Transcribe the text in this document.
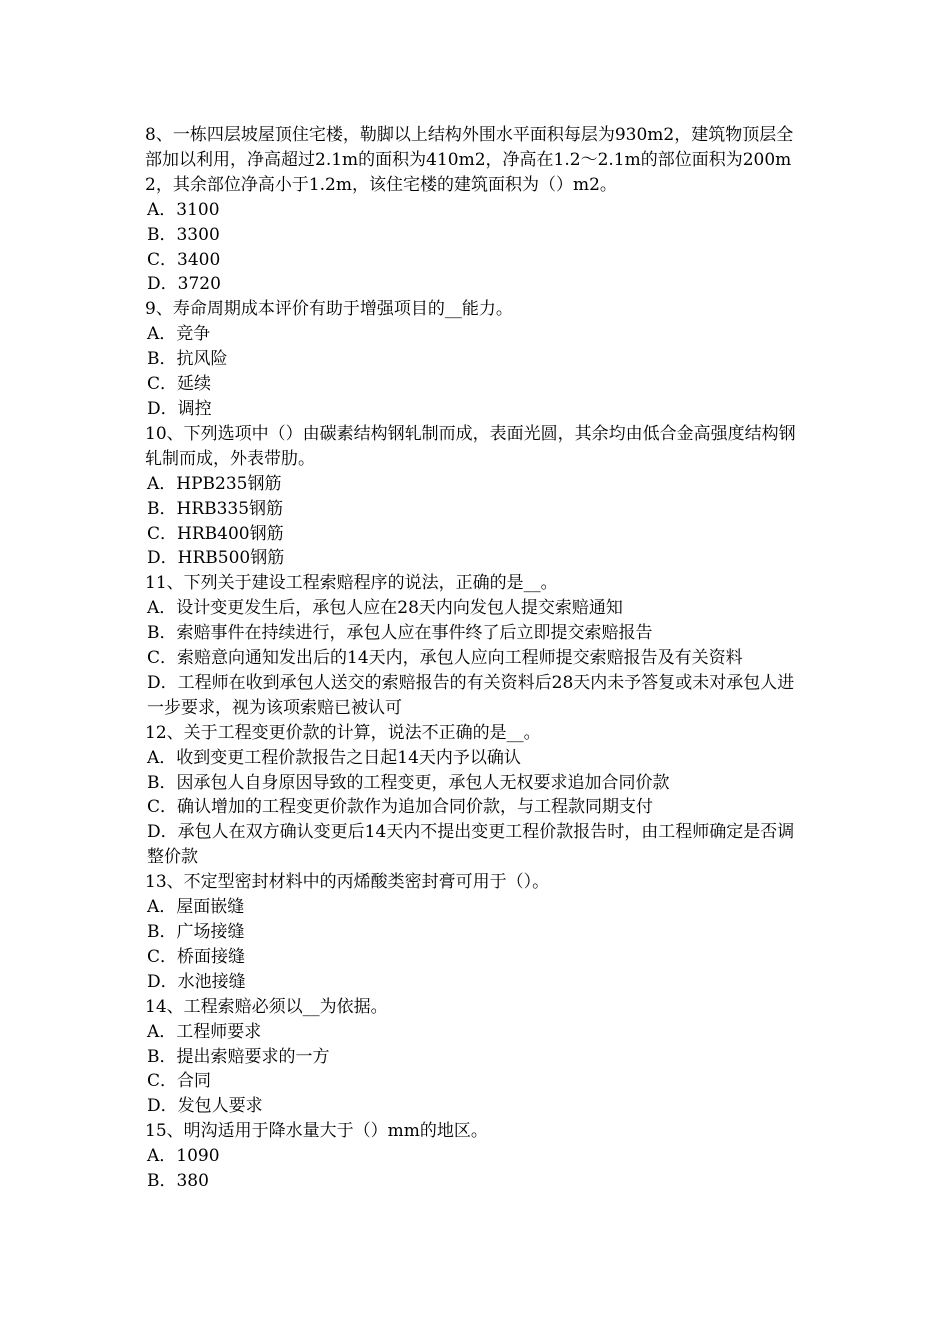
8、一栋四层坡屋顶住宅楼，勒脚以上结构外围水平面积每层为930m2，建筑物顶层全部加以利用，净高超过2.1m的面积为410m2，净高在1.2～2.1m的部位面积为200m2，其余部位净高小于1.2m，该住宅楼的建筑面积为（）m2。

A．3100

B．3300

C．3400

D．3720

9、寿命周期成本评价有助于增强项目的__能力。

A．竞争

B．抗风险

C．延续

D．调控

10、下列选项中（）由碳素结构钢轧制而成，表面光圆，其余均由低合金高强度结构钢轧制而成，外表带肋。

A．HPB235钢筋

B．HRB335钢筋

C．HRB400钢筋

D．HRB500钢筋

11、下列关于建设工程索赔程序的说法，正确的是__。

A．设计变更发生后，承包人应在28天内向发包人提交索赔通知

B．索赔事件在持续进行，承包人应在事件终了后立即提交索赔报告

C．索赔意向通知发出后的14天内，承包人应向工程师提交索赔报告及有关资料

D．工程师在收到承包人送交的索赔报告的有关资料后28天内未予答复或未对承包人进一步要求，视为该项索赔已被认可

12、关于工程变更价款的计算，说法不正确的是__。

A．收到变更工程价款报告之日起14天内予以确认

B．因承包人自身原因导致的工程变更，承包人无权要求追加合同价款

C．确认增加的工程变更价款作为追加合同价款，与工程款同期支付

D．承包人在双方确认变更后14天内不提出变更工程价款报告时，由工程师确定是否调整价款

13、不定型密封材料中的丙烯酸类密封膏可用于（）。

A．屋面嵌缝

B．广场接缝

C．桥面接缝

D．水池接缝

14、工程索赔必须以__为依据。

A．工程师要求

B．提出索赔要求的一方

C．合同

D．发包人要求

15、明沟适用于降水量大于（）mm的地区。

A．1090

B．380
